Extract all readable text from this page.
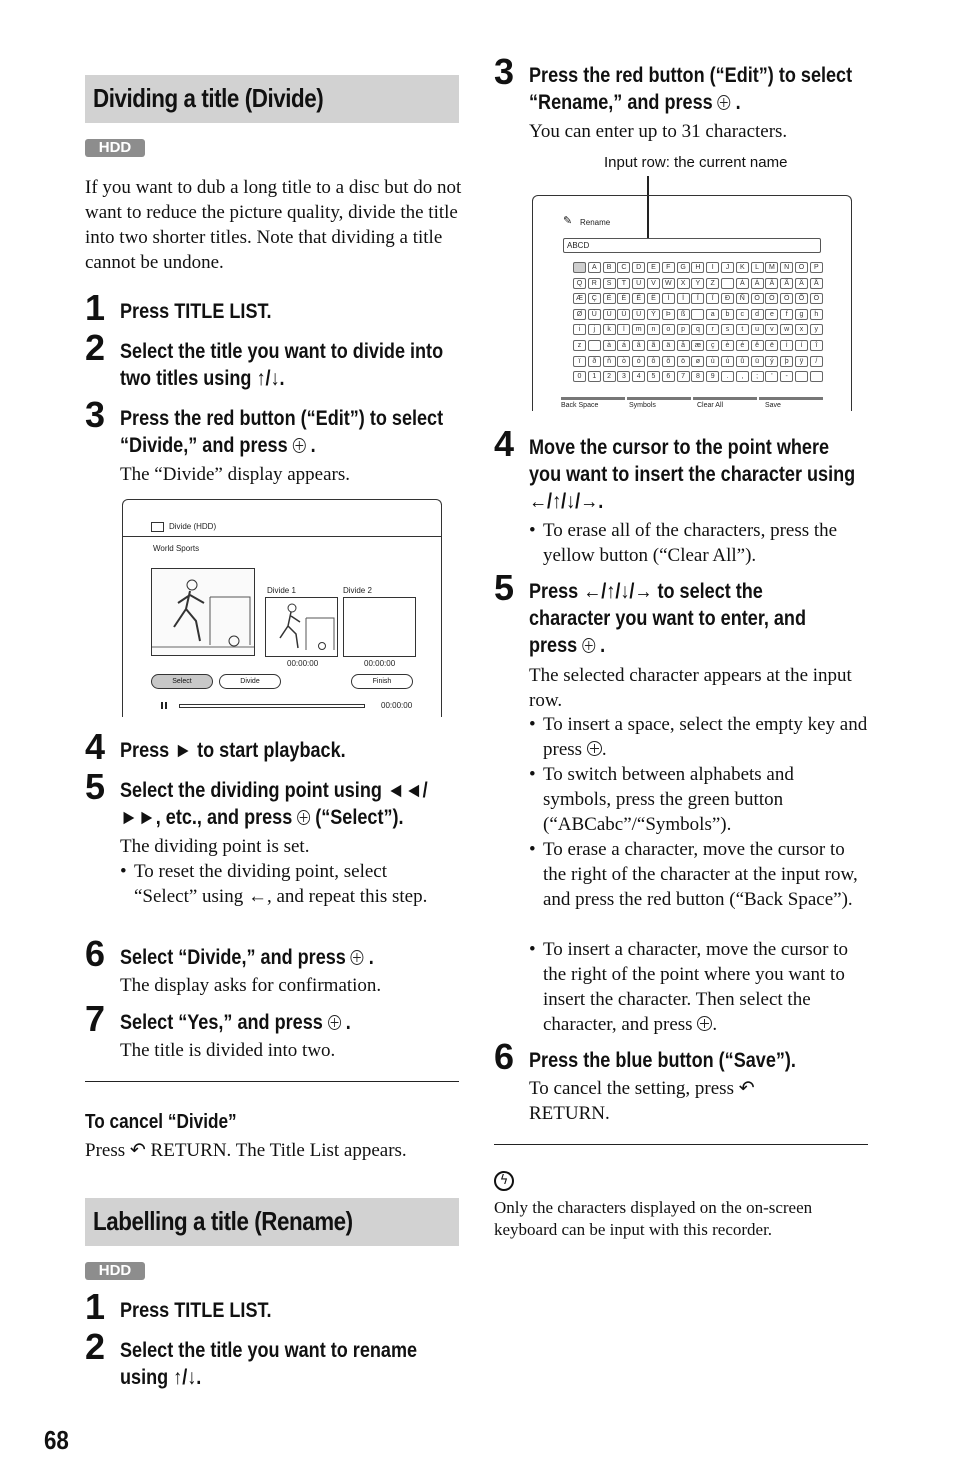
Dividing a title (Divide)
HDD
If you want to dub a long title to a disc but do not want to reduce the picture quality, divide the title into two shorter titles. Note that dividing a title cannot be undone.
1 Press TITLE LIST.
2 Select the title you want to divide into
two titles using ↑/↓.
3 Press the red button (“Edit”) to select
“Divide,” and press  .
The “Divide” display appears.
Divide (HDD)
World Sports
Divide 1	Divide 2
00:00:00	00:00:00
Select	Divide	Finish
00:00:00
4 Press ► to start playback.
5 Select the dividing point using ◄◄/
►►, etc., and press (“Select”).
The dividing point is set.
• To reset the dividing point, select “Select” using ←, and repeat this step.
6 Select “Divide,” and press  .
The display asks for confirmation.
7 Select “Yes,” and press  .
The title is divided into two.
To cancel “Divide”
Press ↶ RETURN. The Title List appears.
Labelling a title (Rename)
HDD
1 Press TITLE LIST.
2 Select the title you want to rename
using ↑/↓.
68
3 Press the red button (“Edit”) to select
“Rename,” and press  .
You can enter up to 31 characters.
Input row: the current name
✎ Rename
ABCD
A	B	C	D	E	F	G	H	I	J	K	L	M	N	O	P
Q	R	S	T	U	V	W	X	Y	Z	À	Á	Â	Ã	Ä	Å
Æ	Ç	È	É	Ê	Ë	Ì	Í	Î	Ï	Ð	Ñ	Ò	Ó	Ô	Õ	Ö
Ø	Ù	Ú	Û	Ü	Ý	Þ	ß	a	b	c	d	e	f	g	h
i	j	k	l	m	n	o	p	q	r	s	t	u	v	w	x	y
z	à	á	â	ã	ä	å	æ	ç	è	é	ê	ë	ì	í	î
ï	ð	ñ	ò	ó	ô	õ	ö	ø	ù	ú	û	ü	ý	þ	ÿ	/
0	1	2	3	4	5	6	7	8	9	.	,	;	'	-
Back Space	Symbols	Clear All	Save
4 Move the cursor to the point where
you want to insert the character using
←/↑/↓/→.
• To erase all of the characters, press the yellow button (“Clear All”).
5 Press ←/↑/↓/→ to select the
character you want to enter, and
press  .
The selected character appears at the input row.
• To insert a space, select the empty key and press .
• To switch between alphabets and symbols, press the green button (“ABCabc”/“Symbols”).
• To erase a character, move the cursor to the right of the character at the input row, and press the red button (“Back Space”).
• To insert a character, move the cursor to the right of the point where you want to insert the character. Then select the character, and press .
6 Press the blue button (“Save”).
To cancel the setting, press ↶ RETURN.
ϟ
Only the characters displayed on the on-screen keyboard can be input with this recorder.
